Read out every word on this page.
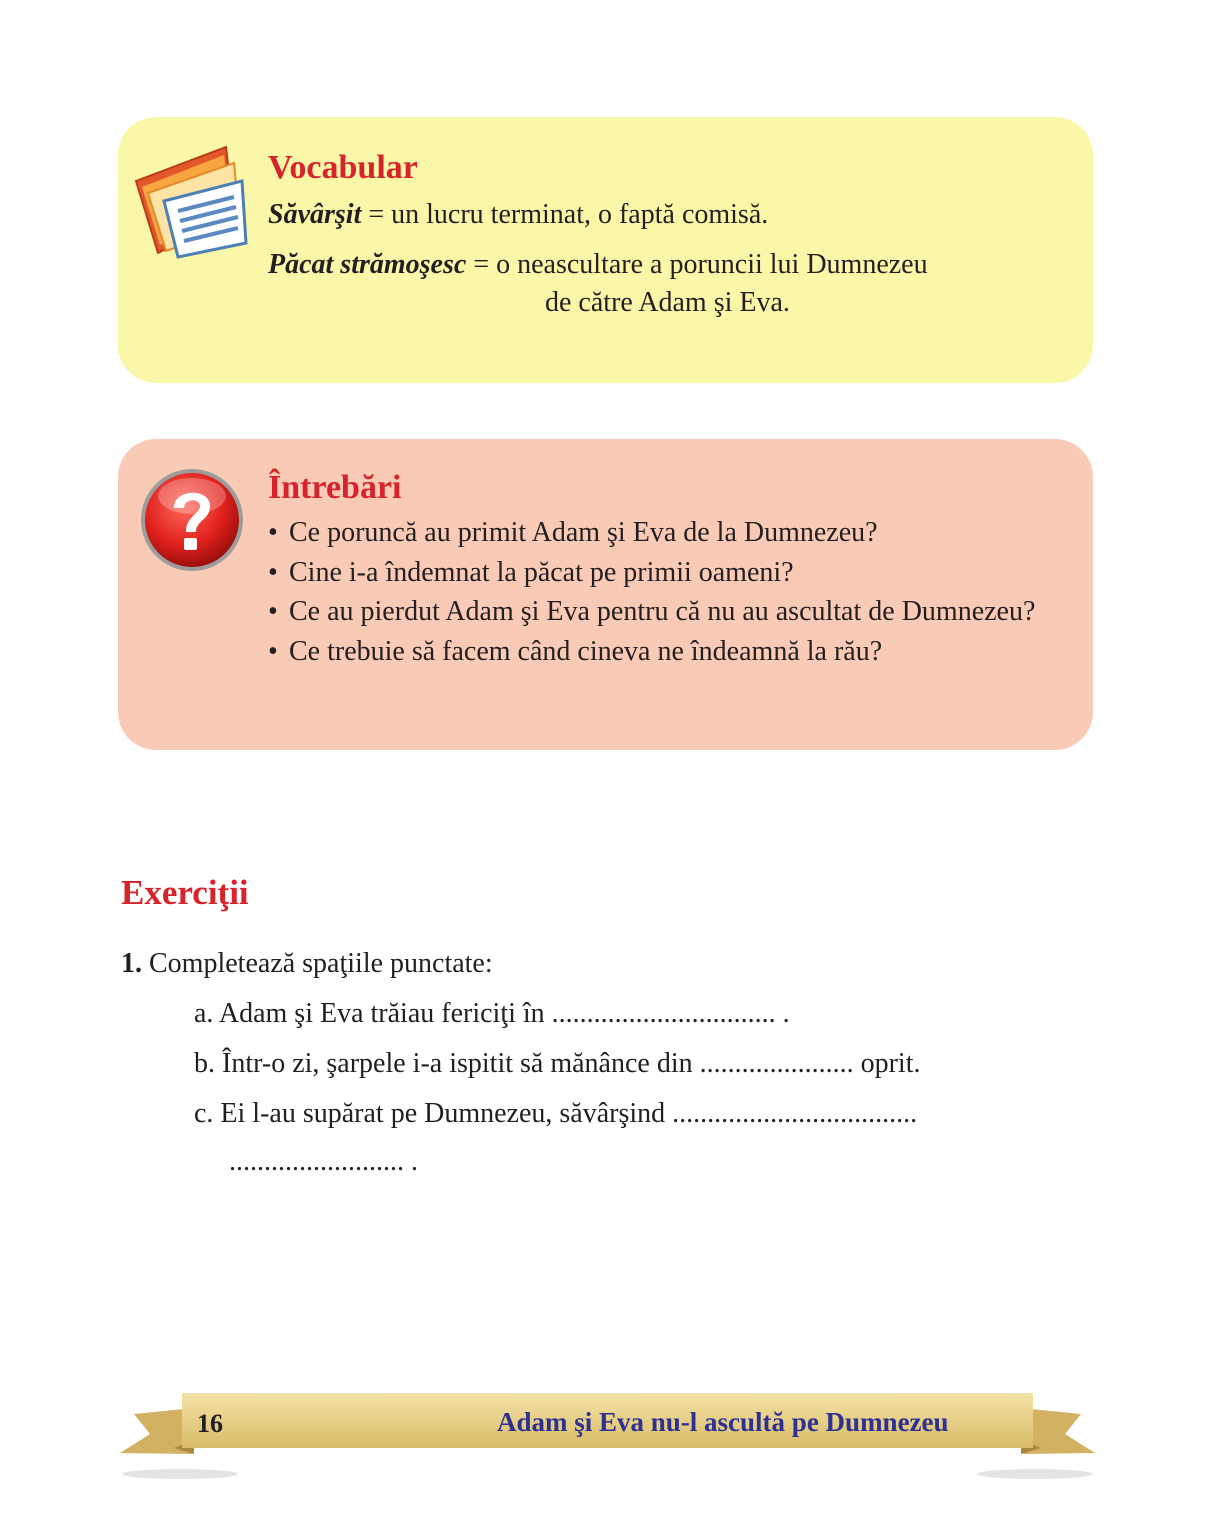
Vocabular
Săvârşit = un lucru terminat, o faptă comisă.
Păcat strămoşesc = o neascultare a poruncii lui Dumnezeu
de către Adam şi Eva.
Întrebări
• Ce poruncă au primit Adam şi Eva de la Dumnezeu?
• Cine i-a îndemnat la păcat pe primii oameni?
• Ce au pierdut Adam şi Eva pentru că nu au ascultat de Dumnezeu?
• Ce trebuie să facem când cineva ne îndeamnă la rău?
Exerciţii
1. Completează spaţiile punctate:
a. Adam şi Eva trăiau fericiţi în ................................ .
b. Într-o zi, şarpele i-a ispitit să mănânce din ...................... oprit.
c. Ei l-au supărat pe Dumnezeu, săvârşind ...................................
......................... .
16	Adam şi Eva nu-l ascultă pe Dumnezeu
